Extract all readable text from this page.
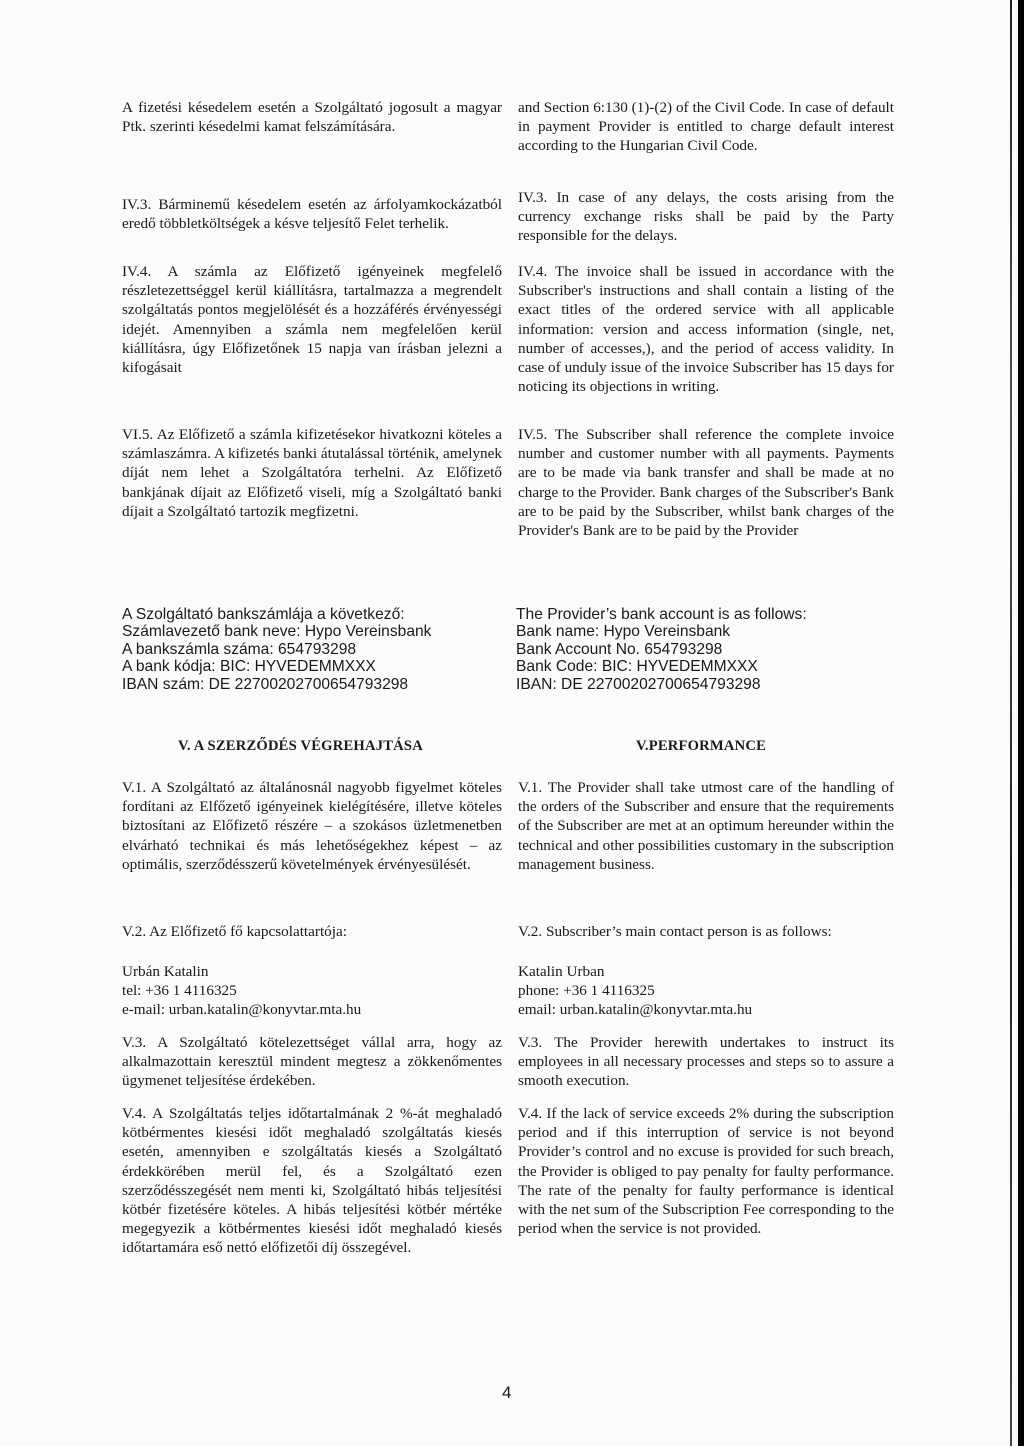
A fizetési késedelem esetén a Szolgáltató jogosult a magyar Ptk. szerinti késedelmi kamat felszámítására.
IV.3. Bárminemű késedelem esetén az árfolyamkockázatból eredő többletköltségek a késve teljesítő Felet terhelik.
IV.4. A számla az Előfizető igényeinek megfelelő részletezettséggel kerül kiállításra, tartalmazza a megrendelt szolgáltatás pontos megjelölését és a hozzáférés érvényességi idejét. Amennyiben a számla nem megfelelően kerül kiállításra, úgy Előfizetőnek 15 napja van írásban jelezni a kifogásait
VI.5. Az Előfizető a számla kifizetésekor hivatkozni köteles a számlaszámra. A kifizetés banki átutalással történik, amelynek díját nem lehet a Szolgáltatóra terhelni. Az Előfizető bankjának díjait az Előfizető viseli, míg a Szolgáltató banki díjait a Szolgáltató tartozik megfizetni.
A Szolgáltató bankszámlája a következő:
Számlavezető bank neve: Hypo Vereinsbank
A bankszámla száma: 654793298
A bank kódja: BIC: HYVEDEMMXXX
IBAN szám: DE 22700202700654793298
V. A SZERZŐDÉS VÉGREHAJTÁSA
V.1. A Szolgáltató az általánosnál nagyobb figyelmet köteles fordítani az Elfőzető igényeinek kielégítésére, illetve köteles biztosítani az Előfizető részére – a szokásos üzletmenetben elvárható technikai és más lehetőségekhez képest – az optimális, szerződésszerű követelmények érvényesülését.
V.2. Az Előfizető fő kapcsolattartója:
Urbán Katalin
tel: +36 1 4116325
e-mail: urban.katalin@konyvtar.mta.hu
V.3. A Szolgáltató kötelezettséget vállal arra, hogy az alkalmazottain keresztül mindent megtesz a zökkenőmentes ügymenet teljesítése érdekében.
V.4. A Szolgáltatás teljes időtartalmának 2 %-át meghaladó kötbérmentes kiesési időt meghaladó szolgáltatás kiesés esetén, amennyiben e szolgáltatás kiesés a Szolgáltató érdekkörében merül fel, és a Szolgáltató ezen szerződésszegését nem menti ki, Szolgáltató hibás teljesítési kötbér fizetésére köteles. A hibás teljesítési kötbér mértéke megegyezik a kötbérmentes kiesési időt meghaladó kiesés időtartamára eső nettó előfizetői díj összegével.
and Section 6:130 (1)-(2) of the Civil Code. In case of default in payment Provider is entitled to charge default interest according to the Hungarian Civil Code.
IV.3. In case of any delays, the costs arising from the currency exchange risks shall be paid by the Party responsible for the delays.
IV.4. The invoice shall be issued in accordance with the Subscriber's instructions and shall contain a listing of the exact titles of the ordered service with all applicable information: version and access information (single, net, number of accesses,), and the period of access validity. In case of unduly issue of the invoice Subscriber has 15 days for noticing its objections in writing.
IV.5. The Subscriber shall reference the complete invoice number and customer number with all payments. Payments are to be made via bank transfer and shall be made at no charge to the Provider. Bank charges of the Subscriber's Bank are to be paid by the Subscriber, whilst bank charges of the Provider's Bank are to be paid by the Provider
The Provider’s bank account is as follows:
Bank name: Hypo Vereinsbank
Bank Account No. 654793298
Bank Code: BIC: HYVEDEMMXXX
IBAN: DE 22700202700654793298
V.PERFORMANCE
V.1. The Provider shall take utmost care of the handling of the orders of the Subscriber and ensure that the requirements of the Subscriber are met at an optimum hereunder within the technical and other possibilities customary in the subscription management business.
V.2. Subscriber’s main contact person is as follows:
Katalin Urban
phone: +36 1 4116325
email: urban.katalin@konyvtar.mta.hu
V.3. The Provider herewith undertakes to instruct its employees in all necessary processes and steps so to assure a smooth execution.
V.4. If the lack of service exceeds 2% during the subscription period and if this interruption of service is not beyond Provider’s control and no excuse is provided for such breach, the Provider is obliged to pay penalty for faulty performance. The rate of the penalty for faulty performance is identical with the net sum of the Subscription Fee corresponding to the period when the service is not provided.
4
